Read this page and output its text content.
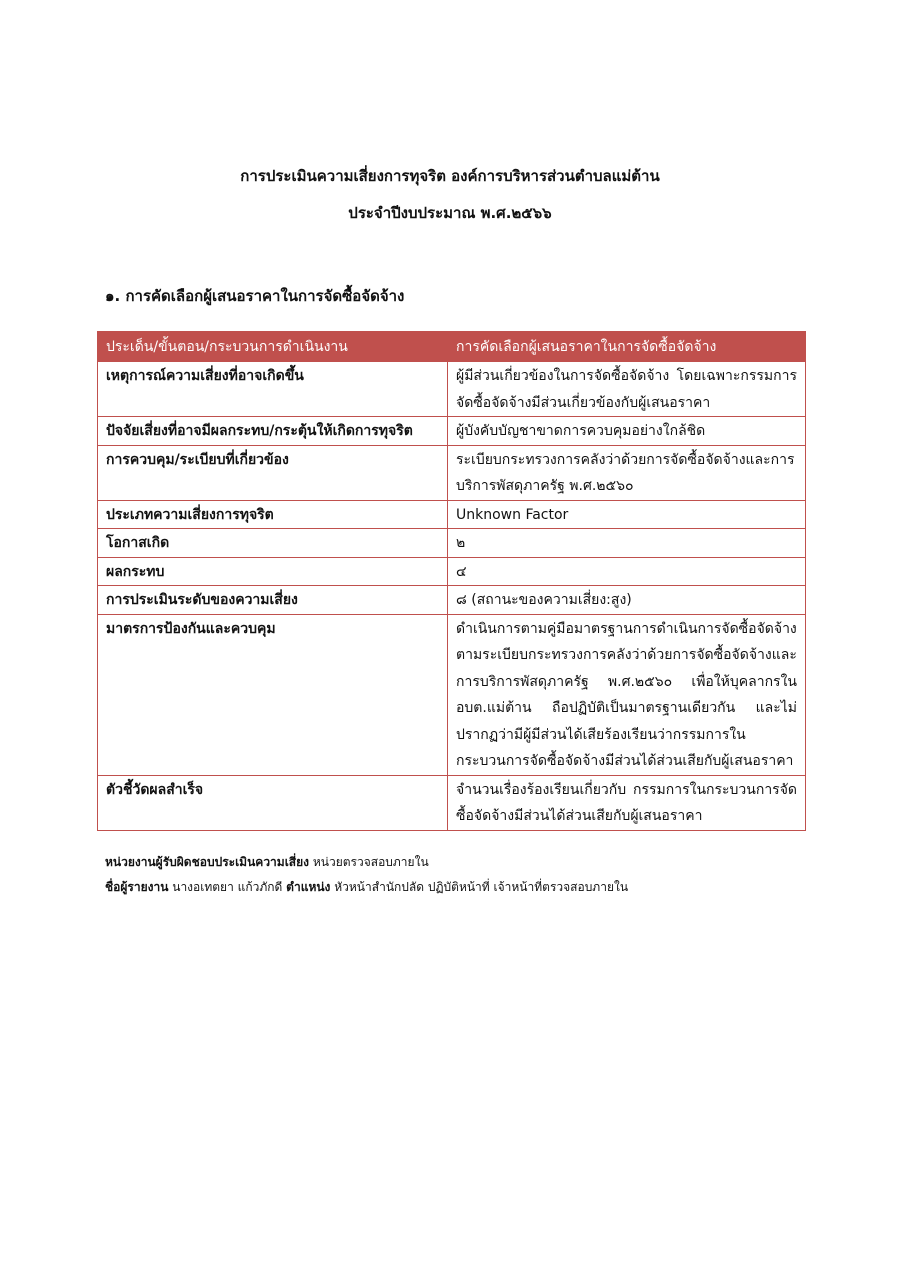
การประเมินความเสี่ยงการทุจริต องค์การบริหารส่วนตำบลแม่ต้าน
ประจำปีงบประมาณ พ.ศ.๒๕๖๖
๑. การคัดเลือกผู้เสนอราคาในการจัดซื้อจัดจ้าง
ประเด็น/ขั้นตอน/กระบวนการดำเนินงาน	การคัดเลือกผู้เสนอราคาในการจัดซื้อจัดจ้าง
เหตุการณ์ความเสี่ยงที่อาจเกิดขึ้น	ผู้มีส่วนเกี่ยวข้องในการจัดซื้อจัดจ้าง โดยเฉพาะกรรมการจัดซื้อจัดจ้างมีส่วนเกี่ยวข้องกับผู้เสนอราคา
ปัจจัยเสี่ยงที่อาจมีผลกระทบ/กระตุ้นให้เกิดการทุจริต	ผู้บังคับบัญชาขาดการควบคุมอย่างใกล้ชิด
การควบคุม/ระเบียบที่เกี่ยวข้อง	ระเบียบกระทรวงการคลังว่าด้วยการจัดซื้อจัดจ้างและการบริการพัสดุภาครัฐ พ.ศ.๒๕๖๐
ประเภทความเสี่ยงการทุจริต	Unknown Factor
โอกาสเกิด	๒
ผลกระทบ	๔
การประเมินระดับของความเสี่ยง	๘ (สถานะของความเสี่ยง:สูง)
มาตรการป้องกันและควบคุม	ดำเนินการตามคู่มือมาตรฐานการดำเนินการจัดซื้อจัดจ้าง ตามระเบียบกระทรวงการคลังว่าด้วยการจัดซื้อจัดจ้างและการบริการพัสดุภาครัฐ พ.ศ.๒๕๖๐ เพื่อให้บุคลากรใน อบต.แม่ต้าน ถือปฏิบัติเป็นมาตรฐานเดียวกัน และไม่ปรากฏว่ามีผู้มีส่วนได้เสียร้องเรียนว่ากรรมการในกระบวนการจัดซื้อจัดจ้างมีส่วนได้ส่วนเสียกับผู้เสนอราคา
ตัวชี้วัดผลสำเร็จ	จำนวนเรื่องร้องเรียนเกี่ยวกับ กรรมการในกระบวนการจัดซื้อจัดจ้างมีส่วนได้ส่วนเสียกับผู้เสนอราคา
หน่วยงานผู้รับผิดชอบประเมินความเสี่ยง หน่วยตรวจสอบภายใน
ชื่อผู้รายงาน นางอเทตยา แก้วภักดี ตำแหน่ง หัวหน้าสำนักปลัด ปฏิบัติหน้าที่ เจ้าหน้าที่ตรวจสอบภายใน
